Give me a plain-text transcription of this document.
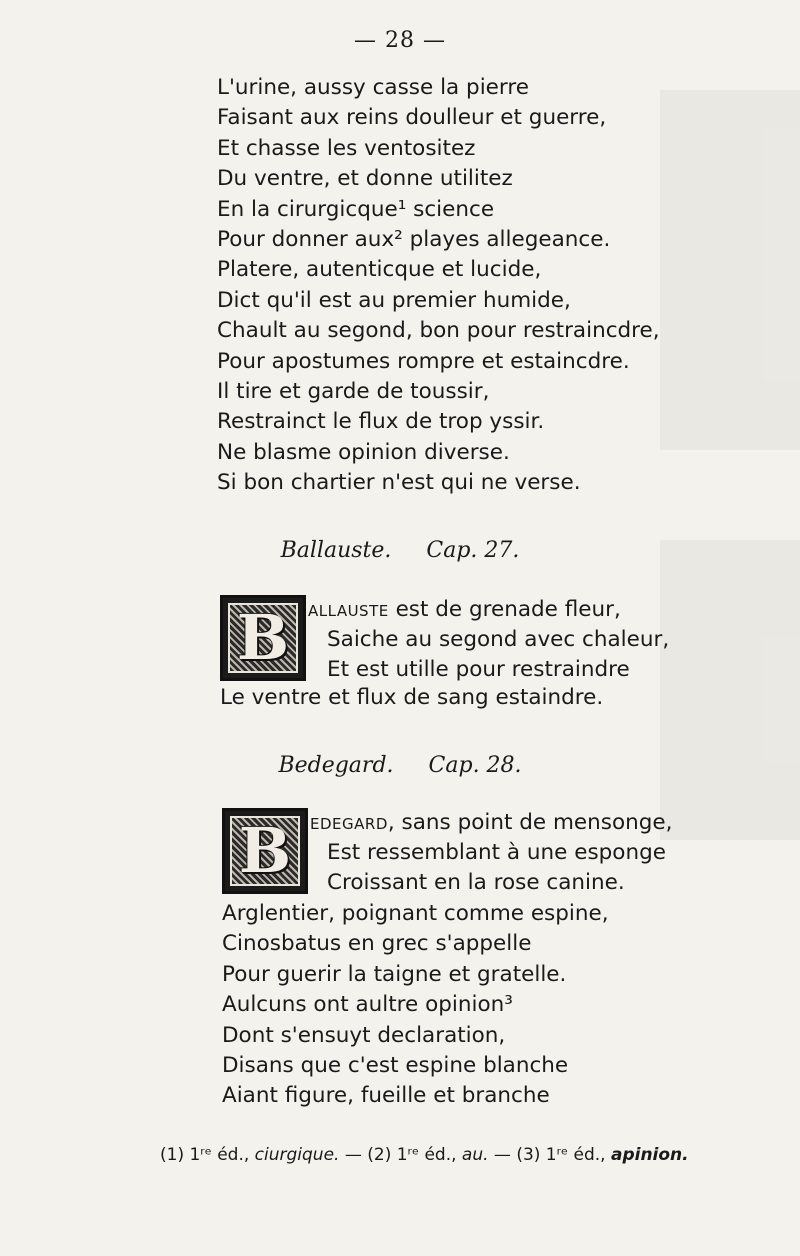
— 28 —
L'urine, aussy casse la pierre
Faisant aux reins doulleur et guerre,
Et chasse les ventositez
Du ventre, et donne utilitez
En la cirurgicque¹ science
Pour donner aux² playes allegeance.
Platere, autenticque et lucide,
Dict qu'il est au premier humide,
Chault au segond, bon pour restraincdre,
Pour apostumes rompre et estaincdre.
Il tire et garde de toussir,
Restrainct le flux de trop yssir.
Ne blasme opinion diverse.
Si bon chartier n'est qui ne verse.
Ballauste. Cap. 27.
B allauste est de grenade fleur,
Saiche au segond avec chaleur,
Et est utille pour restraindre
Le ventre et flux de sang estaindre.
Bedegard. Cap. 28.
B edegard, sans point de mensonge,
Est ressemblant à une esponge
Croissant en la rose canine.
Arglentier, poignant comme espine,
Cinosbatus en grec s'appelle
Pour guerir la taigne et gratelle.
Aulcuns ont aultre opinion³
Dont s'ensuyt declaration,
Disans que c'est espine blanche
Aiant figure, fueille et branche
(1) 1ʳᵉ éd., ciurgique. — (2) 1ʳᵉ éd., au. — (3) 1ʳᵉ éd., apinion.
